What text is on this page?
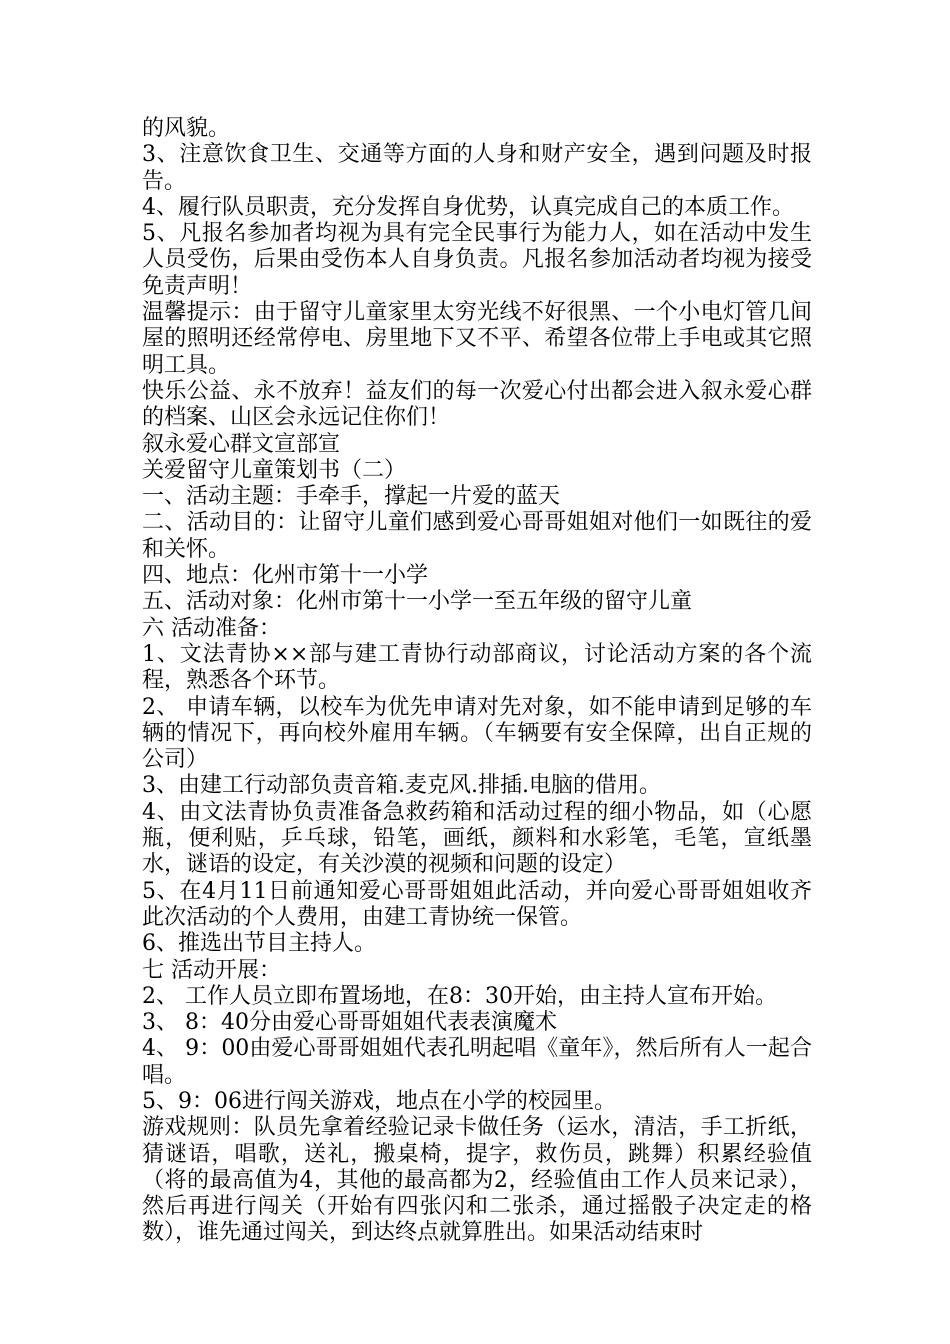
的风貌。

3、注意饮食卫生、交通等方面的人身和财产安全，遇到问题及时报告。

4、履行队员职责，充分发挥自身优势，认真完成自己的本质工作。

5、凡报名参加者均视为具有完全民事行为能力人，如在活动中发生人员受伤，后果由受伤本人自身负责。凡报名参加活动者均视为接受免责声明！

温馨提示：由于留守儿童家里太穷光线不好很黑、一个小电灯管几间屋的照明还经常停电、房里地下又不平、希望各位带上手电或其它照明工具。

快乐公益、永不放弃！益友们的每一次爱心付出都会进入叙永爱心群的档案、山区会永远记住你们！

叙永爱心群文宣部宣

关爱留守儿童策划书（二）

一、活动主题：手牵手，撑起一片爱的蓝天

二、活动目的：让留守儿童们感到爱心哥哥姐姐对他们一如既往的爱和关怀。

四、地点：化州市第十一小学

五、活动对象：化州市第十一小学一至五年级的留守儿童

六 活动准备：

1、文法青协××部与建工青协行动部商议，讨论活动方案的各个流程，熟悉各个环节。

2、 申请车辆，以校车为优先申请对先对象，如不能申请到足够的车辆的情况下，再向校外雇用车辆。（车辆要有安全保障，出自正规的公司）

3、由建工行动部负责音箱.麦克风.排插.电脑的借用。

4、由文法青协负责准备急救药箱和活动过程的细小物品，如（心愿瓶，便利贴，乒乓球，铅笔，画纸，颜料和水彩笔，毛笔，宣纸墨水，谜语的设定，有关沙漠的视频和问题的设定）

5、在4月11日前通知爱心哥哥姐姐此活动，并向爱心哥哥姐姐收齐此次活动的个人费用，由建工青协统一保管。

6、推选出节目主持人。

七 活动开展：

2、 工作人员立即布置场地，在8：30开始，由主持人宣布开始。

3、 8：40分由爱心哥哥姐姐代表表演魔术

4、 9：00由爱心哥哥姐姐代表孔明起唱《童年》，然后所有人一起合唱。

5、9：06进行闯关游戏，地点在小学的校园里。

游戏规则：队员先拿着经验记录卡做任务（运水，清洁，手工折纸，猜谜语，唱歌，送礼，搬桌椅，提字，救伤员，跳舞）积累经验值（将的最高值为4，其他的最高都为2，经验值由工作人员来记录），然后再进行闯关（开始有四张闪和二张杀，通过摇骰子决定走的格数），谁先通过闯关，到达终点就算胜出。如果活动结束时
